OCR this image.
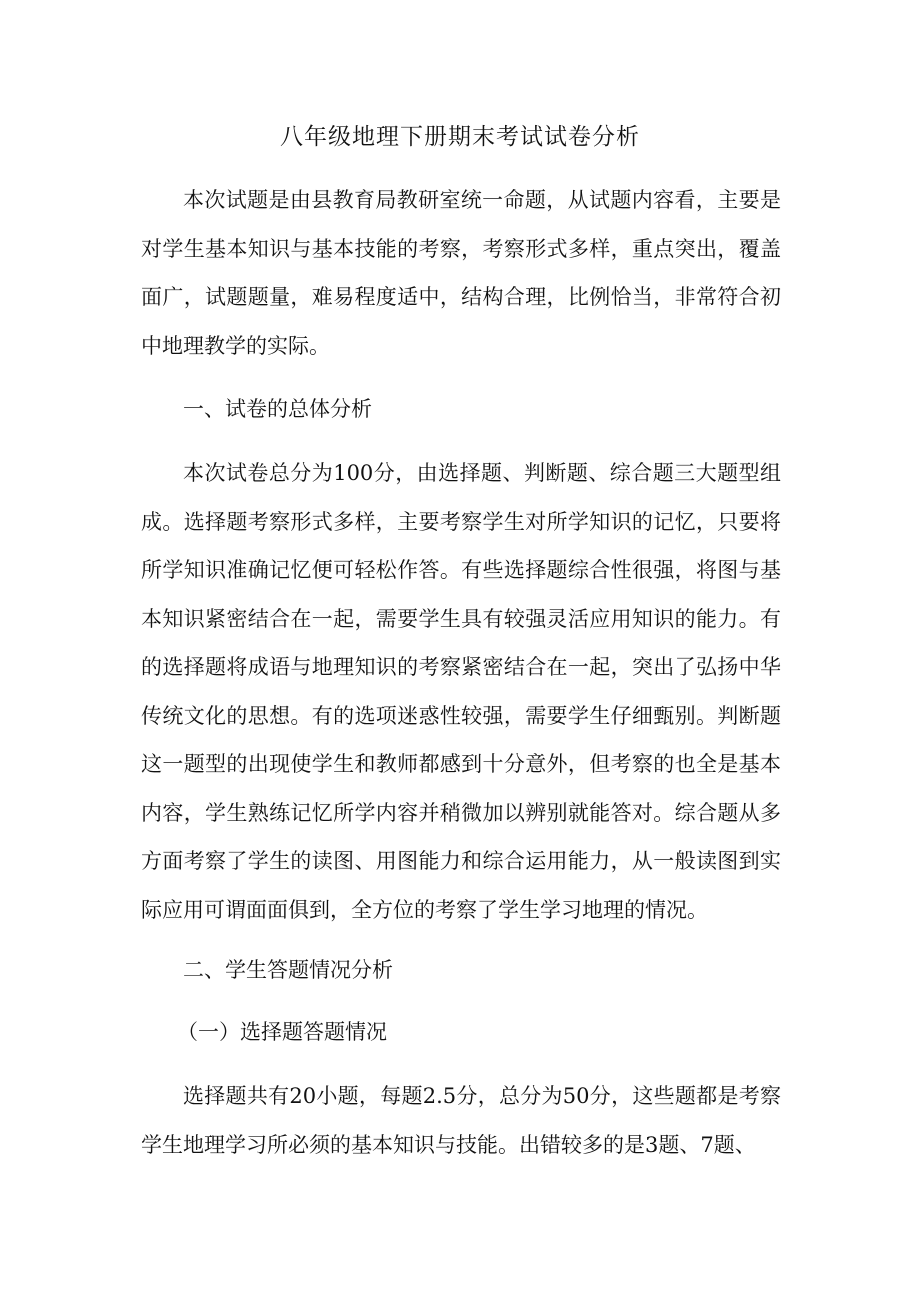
八年级地理下册期末考试试卷分析
本次试题是由县教育局教研室统一命题，从试题内容看，主要是对学生基本知识与基本技能的考察，考察形式多样，重点突出，覆盖面广，试题题量，难易程度适中，结构合理，比例恰当，非常符合初中地理教学的实际。
一、试卷的总体分析
本次试卷总分为100分，由选择题、判断题、综合题三大题型组成。选择题考察形式多样，主要考察学生对所学知识的记忆，只要将所学知识准确记忆便可轻松作答。有些选择题综合性很强，将图与基本知识紧密结合在一起，需要学生具有较强灵活应用知识的能力。有的选择题将成语与地理知识的考察紧密结合在一起，突出了弘扬中华传统文化的思想。有的选项迷惑性较强，需要学生仔细甄别。判断题这一题型的出现使学生和教师都感到十分意外，但考察的也全是基本内容，学生熟练记忆所学内容并稍微加以辨别就能答对。综合题从多方面考察了学生的读图、用图能力和综合运用能力，从一般读图到实际应用可谓面面俱到，全方位的考察了学生学习地理的情况。
二、学生答题情况分析
（一）选择题答题情况
选择题共有20小题，每题2.5分，总分为50分，这些题都是考察学生地理学习所必须的基本知识与技能。出错较多的是3题、7题、
